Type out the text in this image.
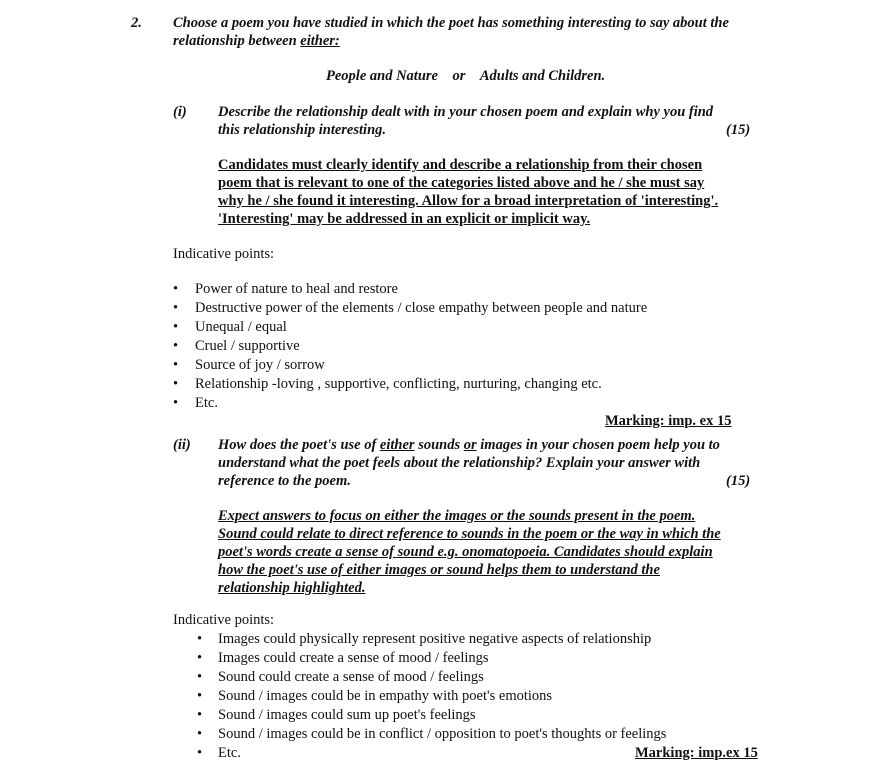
2. Choose a poem you have studied in which the poet has something interesting to say about the
relationship between either:
People and Nature or Adults and Children.
(i) Describe the relationship dealt with in your chosen poem and explain why you find
this relationship interesting.	(15)
Candidates must clearly identify and describe a relationship from their chosen
poem that is relevant to one of the categories listed above and he / she must say
why he / she found it interesting. Allow for a broad interpretation of 'interesting'.
'Interesting' may be addressed in an explicit or implicit way.
Indicative points:
• Power of nature to heal and restore
• Destructive power of the elements / close empathy between people and nature
• Unequal / equal
• Cruel / supportive
• Source of joy / sorrow
• Relationship -loving , supportive, conflicting, nurturing, changing etc.
• Etc.
Marking: imp. ex 15
(ii) How does the poet's use of either sounds or images in your chosen poem help you to
understand what the poet feels about the relationship? Explain your answer with
reference to the poem.	(15)
Expect answers to focus on either the images or the sounds present in the poem.
Sound could relate to direct reference to sounds in the poem or the way in which the
poet's words create a sense of sound e.g. onomatopoeia. Candidates should explain
how the poet's use of either images or sound helps them to understand the
relationship highlighted.
Indicative points:
• Images could physically represent positive negative aspects of relationship
• Images could create a sense of mood / feelings
• Sound could create a sense of mood / feelings
• Sound / images could be in empathy with poet's emotions
• Sound / images could sum up poet's feelings
• Sound / images could be in conflict / opposition to poet's thoughts or feelings
• Etc.	Marking: imp.ex 15
